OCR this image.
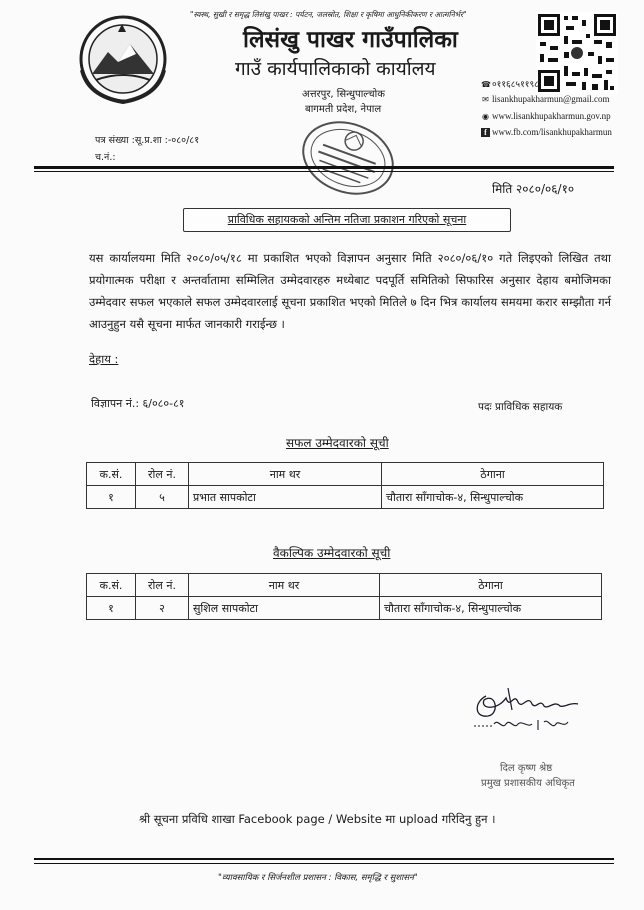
"स्वस्थ, सुखी र समृद्ध लिसंखु पाखर : पर्यटन, जलस्रोत, शिक्षा र कृषिमा आधुनिकीकरण र आत्मनिर्भर"
लिसंखु पाखर गाउँपालिका
गाउँ कार्यपालिकाको कार्यालय
अत्तरपुर, सिन्धुपाल्चोक
बागमती प्रदेश, नेपाल
☎०११६८५११९८
✉ lisankhupakharmun@gmail.com
◉ www.lisankhupakharmun.gov.np
f www.fb.com/lisankhupakharmun
पत्र संख्या :सू.प्र.शा :-०८०/८१
च.नं.:
मिति २०८०/०६/१०
प्राविधिक सहायकको अन्तिम नतिजा प्रकाशन गरिएको सूचना
यस कार्यालयमा मिति २०८०/०५/१८ मा प्रकाशित भएको विज्ञापन अनुसार मिति २०८०/०६/१० गते लिइएको लिखित तथा प्रयोगात्मक परीक्षा र अन्तर्वातामा सम्मिलित उम्मेदवारहरु मध्येबाट पदपूर्ति समितिको सिफारिस अनुसार देहाय बमोजिमका उम्मेदवार सफल भएकाले सफल उम्मेदवारलाई सूचना प्रकाशित भएको मितिले ७ दिन भित्र कार्यालय समयमा करार सम्झौता गर्न आउनुहुन यसै सूचना मार्फत जानकारी गराईन्छ ।
देहाय :
विज्ञापन नं.: ६/०८०-८१	पदः प्राविधिक सहायक
सफल उम्मेदवारको सूची
क.सं.	रोल नं.	नाम थर	ठेगाना
१	५	प्रभात सापकोटा	चौतारा साँगाचोक-४, सिन्धुपाल्चोक
वैकल्पिक उम्मेदवारको सूची
क.सं.	रोल नं.	नाम थर	ठेगाना
१	२	सुशिल सापकोटा	चौतारा साँगाचोक-४, सिन्धुपाल्चोक
दिल कृष्ण श्रेष्ठ
प्रमुख प्रशासकीय अधिकृत
श्री सूचना प्रविधि शाखा Facebook page / Website मा upload गरिदिनु हुन ।
"व्यावसायिक र सिर्जनशील प्रशासन : विकास, समृद्धि र सुशासन"
